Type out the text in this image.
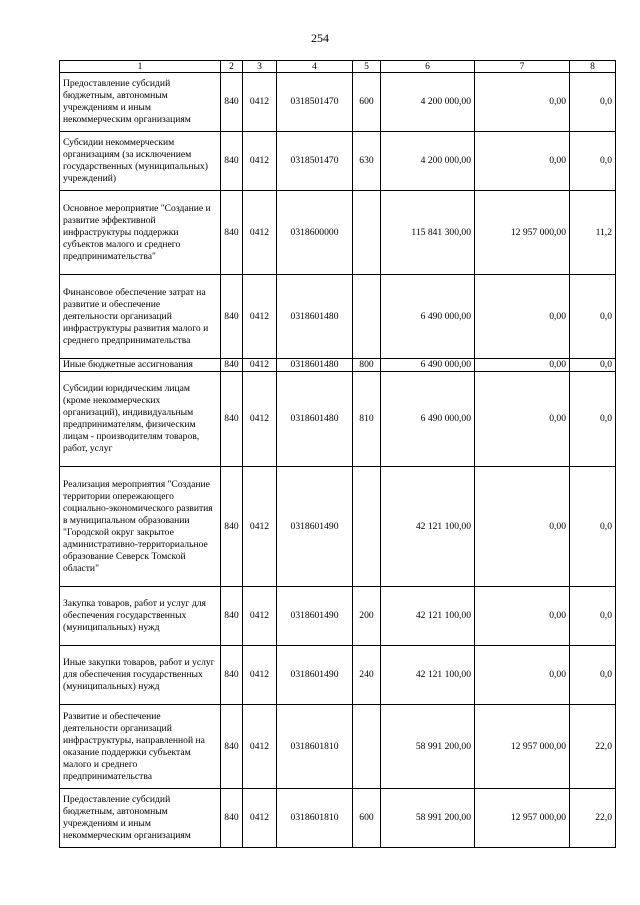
254
1	2	3	4	5	6	7	8
Предоставление субсидий бюджетным, автономным учреждениям и иным некоммерческим организациям	840	0412	0318501470	600	4 200 000,00	0,00	0,0
Субсидии некоммерческим организациям (за исключением государственных (муниципальных) учреждений)	840	0412	0318501470	630	4 200 000,00	0,00	0,0
Основное мероприятие "Создание и развитие эффективной инфраструктуры поддержки субъектов малого и среднего предпринимательства"	840	0412	0318600000		115 841 300,00	12 957 000,00	11,2
Финансовое обеспечение затрат на развитие и обеспечение деятельности организаций инфраструктуры развития малого и среднего предпринимательства	840	0412	0318601480		6 490 000,00	0,00	0,0
Иные бюджетные ассигнования	840	0412	0318601480	800	6 490 000,00	0,00	0,0
Субсидии юридическим лицам (кроме некоммерческих организаций), индивидуальным предпринимателям, физическим лицам - производителям товаров, работ, услуг	840	0412	0318601480	810	6 490 000,00	0,00	0,0
Реализация мероприятия "Создание территории опережающего социально-экономического развития в муниципальном образовании "Городской округ закрытое административно-территориальное образование Северск Томской области"	840	0412	0318601490		42 121 100,00	0,00	0,0
Закупка товаров, работ и услуг для обеспечения государственных (муниципальных) нужд	840	0412	0318601490	200	42 121 100,00	0,00	0,0
Иные закупки товаров, работ и услуг для обеспечения государственных (муниципальных) нужд	840	0412	0318601490	240	42 121 100,00	0,00	0,0
Развитие и обеспечение деятельности организаций инфраструктуры, направленной на оказание поддержки субъектам малого и среднего предпринимательства	840	0412	0318601810		58 991 200,00	12 957 000,00	22,0
Предоставление субсидий бюджетным, автономным учреждениям и иным некоммерческим организациям	840	0412	0318601810	600	58 991 200,00	12 957 000,00	22,0
